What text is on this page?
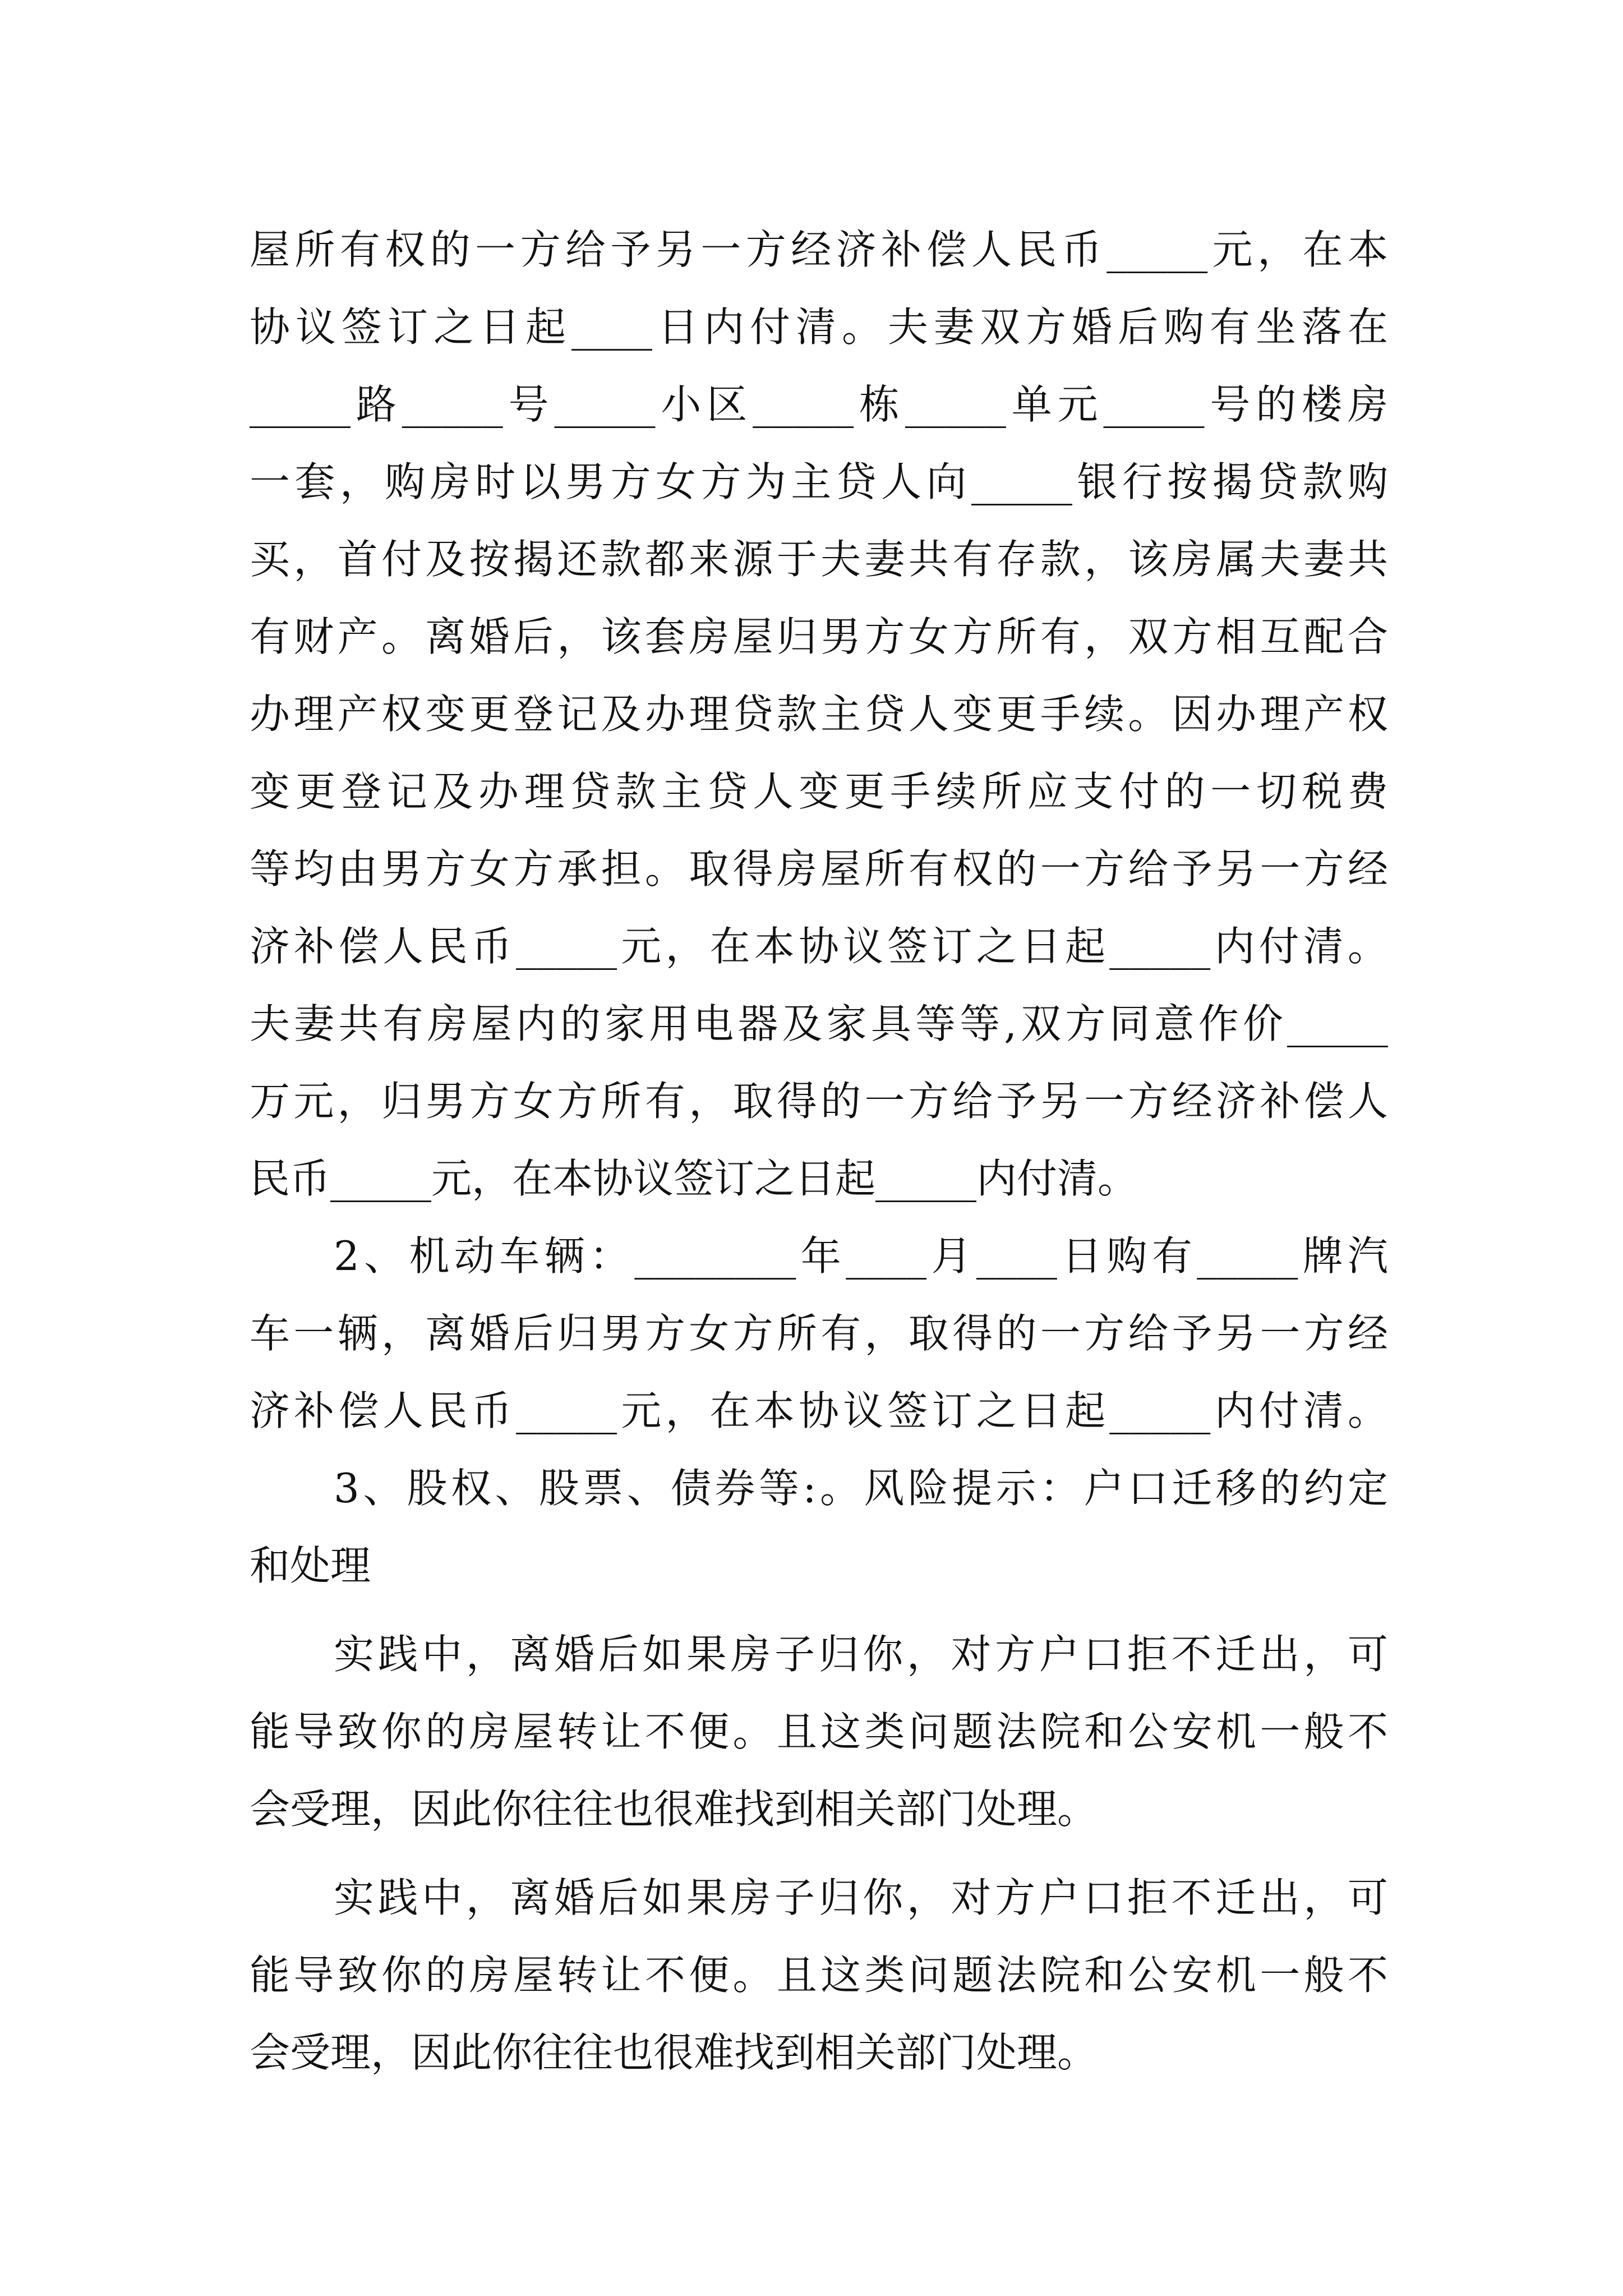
屋所有权的一方给予另一方经济补偿人民币_____元，在本
协议签订之日起____日内付清。夫妻双方婚后购有坐落在
_____路_____号_____小区_____栋_____单元_____号的楼房
一套，购房时以男方女方为主贷人向_____银行按揭贷款购
买，首付及按揭还款都来源于夫妻共有存款，该房属夫妻共
有财产。离婚后，该套房屋归男方女方所有，双方相互配合
办理产权变更登记及办理贷款主贷人变更手续。因办理产权
变更登记及办理贷款主贷人变更手续所应支付的一切税费
等均由男方女方承担。取得房屋所有权的一方给予另一方经
济补偿人民币_____元，在本协议签订之日起_____内付清。
夫妻共有房屋内的家用电器及家具等等,双方同意作价_____
万元，归男方女方所有，取得的一方给予另一方经济补偿人
民币_____元，在本协议签订之日起_____内付清。
2、机动车辆：________年____月____日购有_____牌汽
车一辆，离婚后归男方女方所有，取得的一方给予另一方经
济补偿人民币_____元，在本协议签订之日起_____内付清。
3、股权、股票、债券等:。风险提示：户口迁移的约定
和处理
实践中，离婚后如果房子归你，对方户口拒不迁出，可
能导致你的房屋转让不便。且这类问题法院和公安机一般不
会受理，因此你往往也很难找到相关部门处理。
实践中，离婚后如果房子归你，对方户口拒不迁出，可
能导致你的房屋转让不便。且这类问题法院和公安机一般不
会受理，因此你往往也很难找到相关部门处理。
